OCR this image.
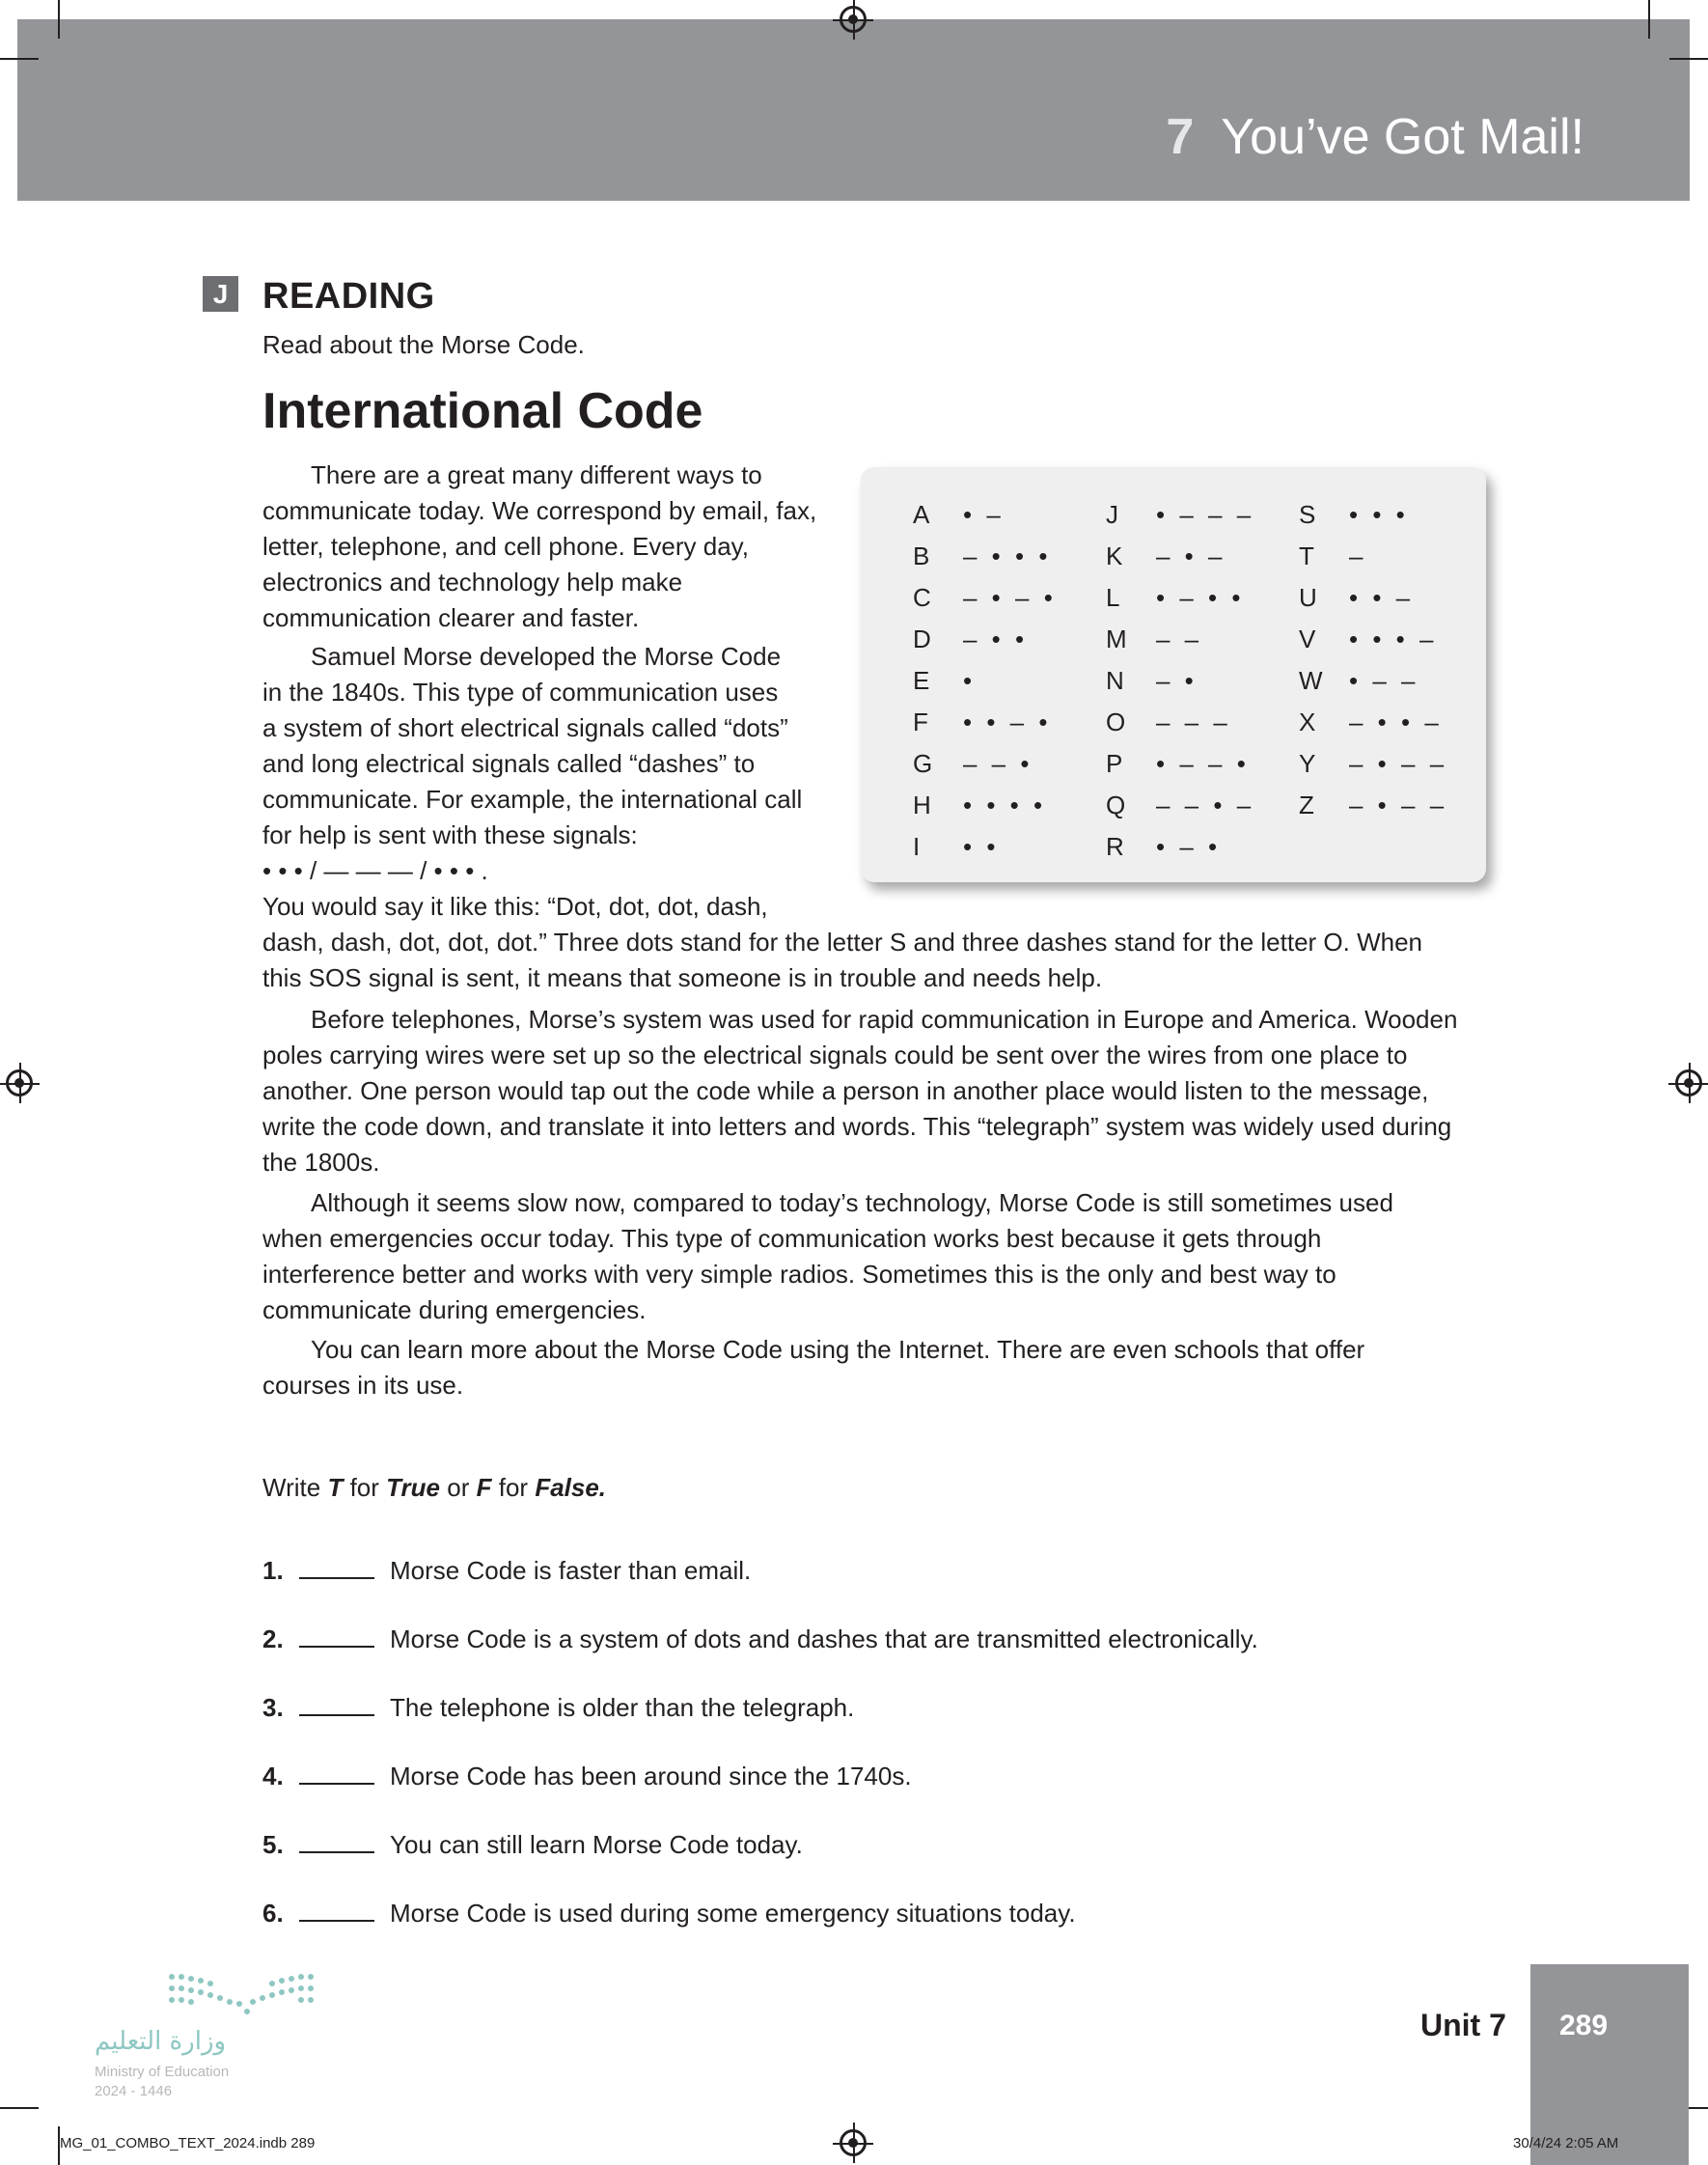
7 You’ve Got Mail!
J READING
Read about the Morse Code.
International Code

There are a great many different ways to communicate today. We correspond by email, fax, letter, telephone, and cell phone. Every day, electronics and technology help make communication clearer and faster.

Samuel Morse developed the Morse Code
in the 1840s. This type of communication uses
a system of short electrical signals called “dots”
and long electrical signals called “dashes” to
communicate. For example, the international call
for help is sent with these signals:
• • • / — — — / • • • .
You would say it like this: “Dot, dot, dot, dash,
dash, dash, dot, dot, dot.” Three dots stand for the letter S and three dashes stand for the letter O. When
this SOS signal is sent, it means that someone is in trouble and needs help.

Before telephones, Morse’s system was used for rapid communication in Europe and America. Wooden poles carrying wires were set up so the electrical signals could be sent over the wires from one place to another. One person would tap out the code while a person in another place would listen to the message, write the code down, and translate it into letters and words. This “telegraph” system was widely used during the 1800s.

Although it seems slow now, compared to today’s technology, Morse Code is still sometimes used when emergencies occur today. This type of communication works best because it gets through interference better and works with very simple radios. Sometimes this is the only and best way to communicate during emergencies.

You can learn more about the Morse Code using the Internet. There are even schools that offer courses in its use.

A • –
B – • • •
C – • – •
D – • •
E •
F • • – •
G – – •
H • • • •
I • •
J • – – –
K – • –
L • – • •
M – –
N – •
O – – –
P • – – •
Q – – • –
R • – •
S • • •
T –
U • • –
V • • • –
W • – –
X – • • –
Y – • – –
Z – • – –
Write T for True or F for False.
1.	Morse Code is faster than email.
2.	Morse Code is a system of dots and dashes that are transmitted electronically.
3.	The telephone is older than the telegraph.
4.	Morse Code has been around since the 1740s.
5.	You can still learn Morse Code today.
6.	Morse Code is used during some emergency situations today.
وزارة التعليم
Ministry of Education
2024 - 1446
Unit 7	289
MG_01_COMBO_TEXT_2024.indb 289	30/4/24 2:05 AM
